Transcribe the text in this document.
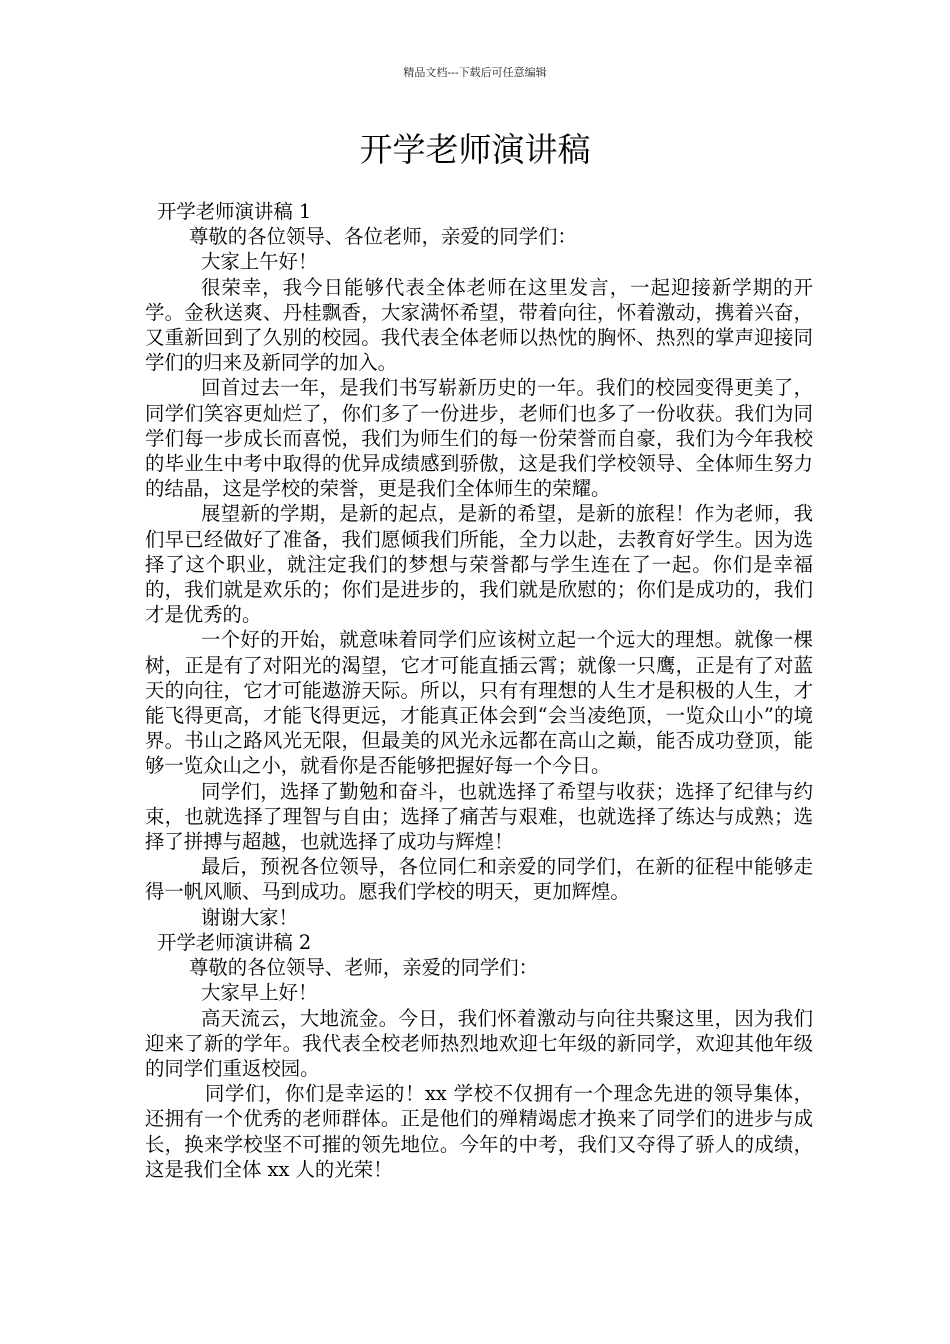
精品文档---下载后可任意编辑
开学老师演讲稿

开学老师演讲稿 1

尊敬的各位领导、各位老师，亲爱的同学们：

大家上午好！

很荣幸，我今日能够代表全体老师在这里发言，一起迎接新学期的开学。金秋送爽、丹桂飘香，大家满怀希望，带着向往，怀着激动，携着兴奋，又重新回到了久别的校园。我代表全体老师以热忱的胸怀、热烈的掌声迎接同学们的归来及新同学的加入。

回首过去一年，是我们书写崭新历史的一年。我们的校园变得更美了，同学们笑容更灿烂了，你们多了一份进步，老师们也多了一份收获。我们为同学们每一步成长而喜悦，我们为师生们的每一份荣誉而自豪，我们为今年我校的毕业生中考中取得的优异成绩感到骄傲，这是我们学校领导、全体师生努力的结晶，这是学校的荣誉，更是我们全体师生的荣耀。

展望新的学期，是新的起点，是新的希望，是新的旅程！作为老师，我们早已经做好了准备，我们愿倾我们所能，全力以赴，去教育好学生。因为选择了这个职业，就注定我们的梦想与荣誉都与学生连在了一起。你们是幸福的，我们就是欢乐的；你们是进步的，我们就是欣慰的；你们是成功的，我们才是优秀的。

一个好的开始，就意味着同学们应该树立起一个远大的理想。就像一棵树，正是有了对阳光的渴望，它才可能直插云霄；就像一只鹰，正是有了对蓝天的向往，它才可能遨游天际。所以，只有有理想的人生才是积极的人生，才能飞得更高，才能飞得更远，才能真正体会到“会当凌绝顶，一览众山小”的境界。书山之路风光无限，但最美的风光永远都在高山之巅，能否成功登顶，能够一览众山之小，就看你是否能够把握好每一个今日。

同学们，选择了勤勉和奋斗，也就选择了希望与收获；选择了纪律与约束，也就选择了理智与自由；选择了痛苦与艰难，也就选择了练达与成熟；选择了拼搏与超越，也就选择了成功与辉煌！

最后，预祝各位领导，各位同仁和亲爱的同学们，在新的征程中能够走得一帆风顺、马到成功。愿我们学校的明天，更加辉煌。

谢谢大家！

开学老师演讲稿 2

尊敬的各位领导、老师，亲爱的同学们：

大家早上好！

高天流云，大地流金。今日，我们怀着激动与向往共聚这里，因为我们迎来了新的学年。我代表全校老师热烈地欢迎七年级的新同学，欢迎其他年级的同学们重返校园。

同学们，你们是幸运的！xx 学校不仅拥有一个理念先进的领导集体，还拥有一个优秀的老师群体。正是他们的殚精竭虑才换来了同学们的进步与成长，换来学校坚不可摧的领先地位。今年的中考，我们又夺得了骄人的成绩，这是我们全体 xx 人的光荣！
